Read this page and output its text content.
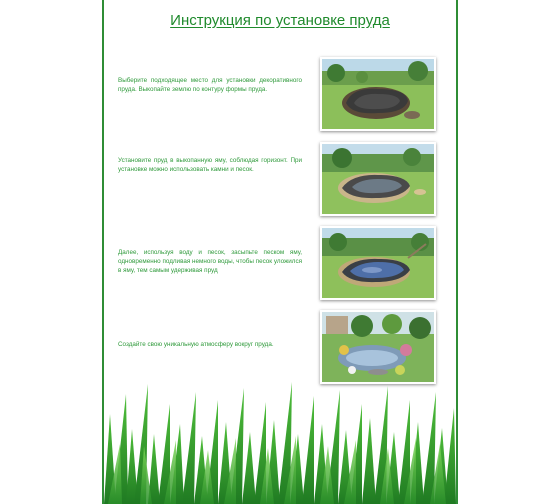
Инструкция по установке пруда
Выберите подходящее место для установки декоративного пруда. Выкопайте землю по контуру формы пруда.
Установите пруд в выкопанную яму, соблюдая горизонт. При установке можно использовать камни и песок.
Далее, используя воду и песок, засыпьте песком яму, одновременно подливая немного воды, чтобы песок уложился в яму, тем самым удерживая пруд
Создайте свою уникальную атмосферу вокруг пруда.
